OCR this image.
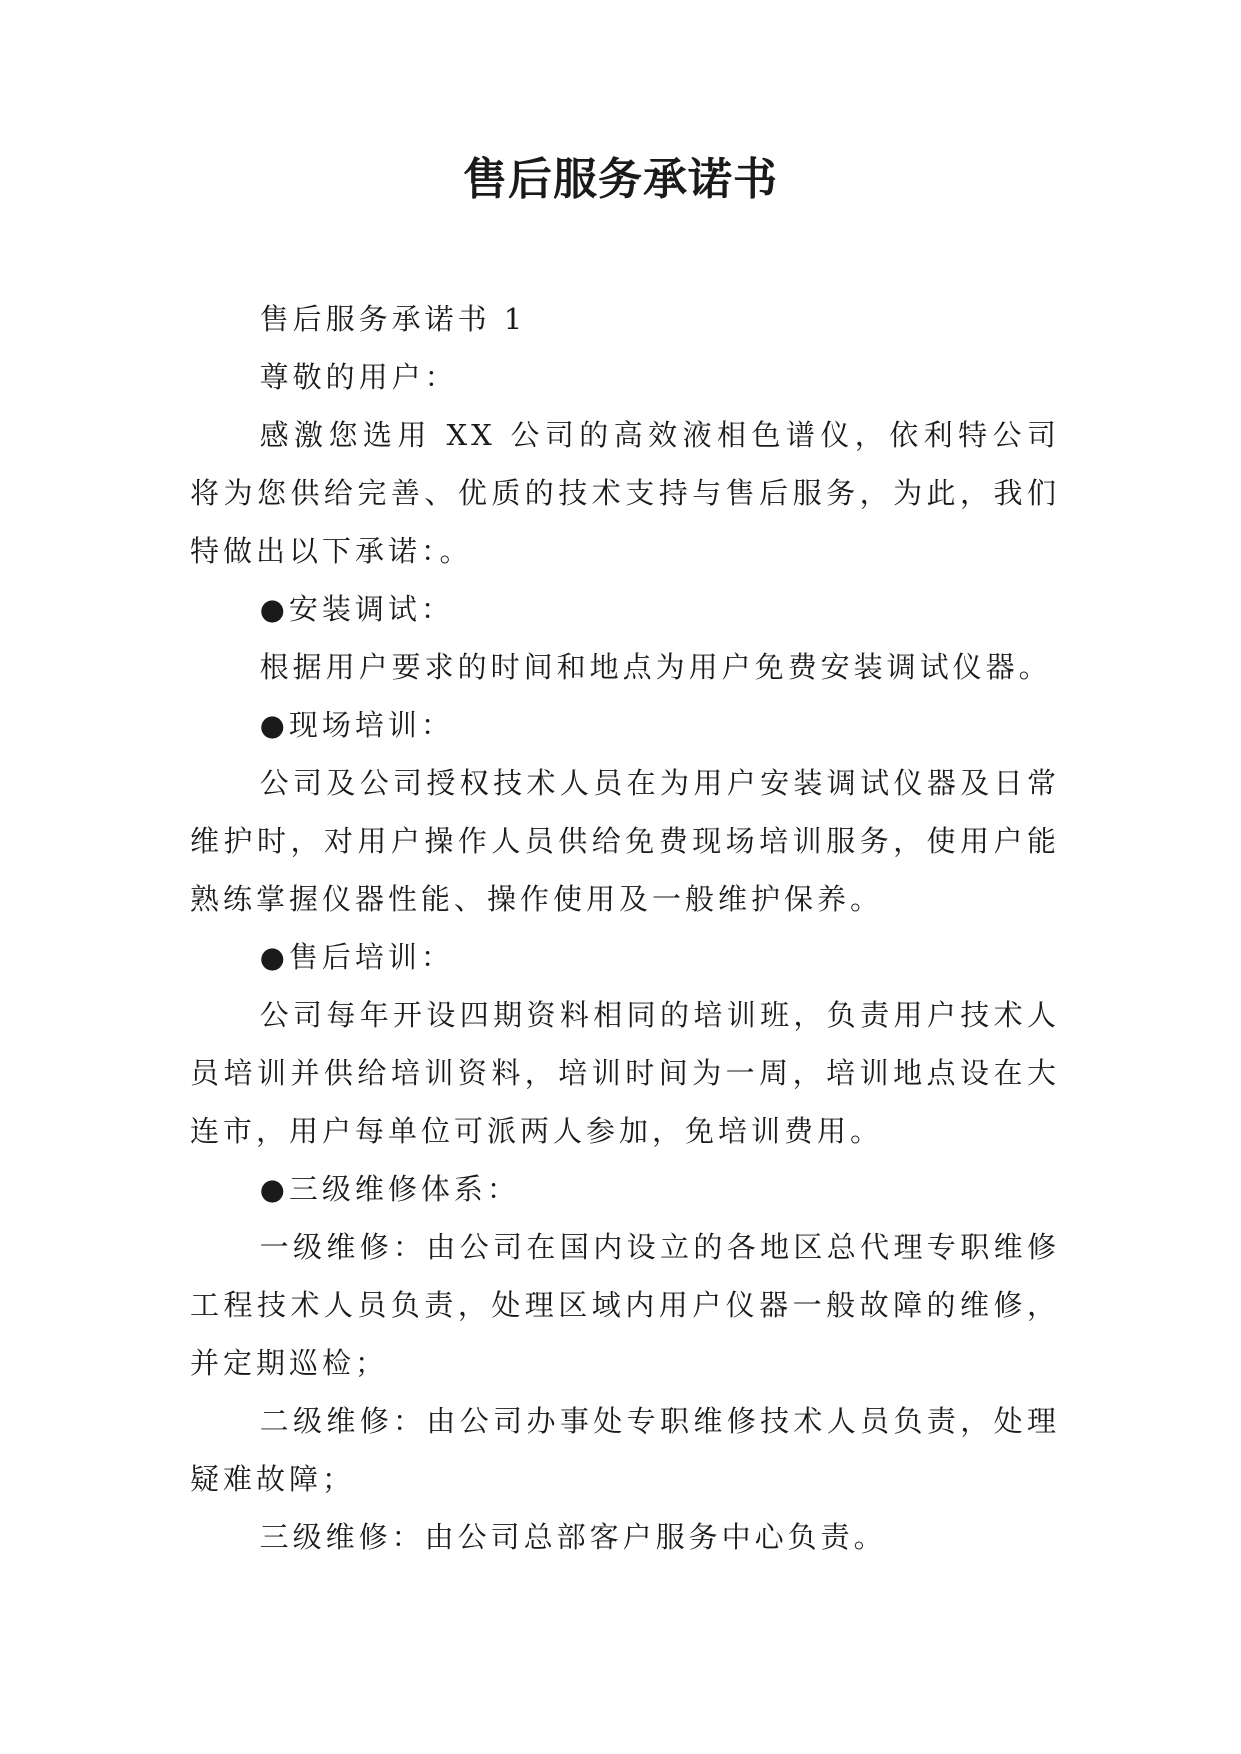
售后服务承诺书

售后服务承诺书 1

尊敬的用户：

感激您选用 XX 公司的高效液相色谱仪，依利特公司将为您供给完善、优质的技术支持与售后服务，为此，我们特做出以下承诺：。

●安装调试：

根据用户要求的时间和地点为用户免费安装调试仪器。

●现场培训：

公司及公司授权技术人员在为用户安装调试仪器及日常维护时，对用户操作人员供给免费现场培训服务，使用户能熟练掌握仪器性能、操作使用及一般维护保养。

●售后培训：

公司每年开设四期资料相同的培训班，负责用户技术人员培训并供给培训资料，培训时间为一周，培训地点设在大连市，用户每单位可派两人参加，免培训费用。

●三级维修体系：

一级维修：由公司在国内设立的各地区总代理专职维修工程技术人员负责，处理区域内用户仪器一般故障的维修，并定期巡检；

二级维修：由公司办事处专职维修技术人员负责，处理疑难故障；

三级维修：由公司总部客户服务中心负责。
